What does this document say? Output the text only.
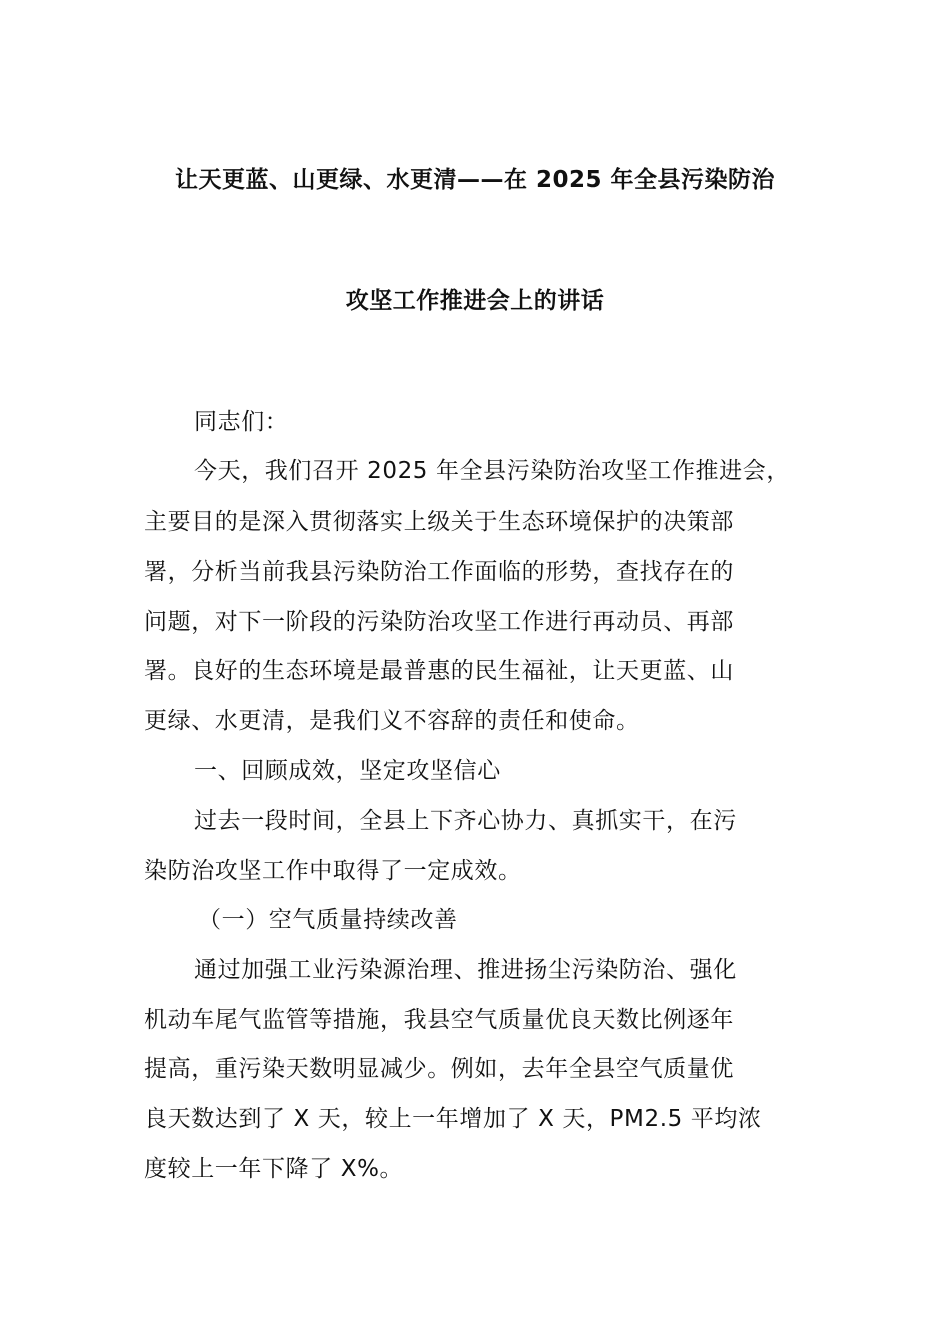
让天更蓝、山更绿、水更清——在 2025 年全县污染防治
攻坚工作推进会上的讲话
同志们：
今天，我们召开 2025 年全县污染防治攻坚工作推进会，
主要目的是深入贯彻落实上级关于生态环境保护的决策部
署，分析当前我县污染防治工作面临的形势，查找存在的
问题，对下一阶段的污染防治攻坚工作进行再动员、再部
署。良好的生态环境是最普惠的民生福祉，让天更蓝、山
更绿、水更清，是我们义不容辞的责任和使命。
一、回顾成效，坚定攻坚信心
过去一段时间，全县上下齐心协力、真抓实干，在污
染防治攻坚工作中取得了一定成效。
（一）空气质量持续改善
通过加强工业污染源治理、推进扬尘污染防治、强化
机动车尾气监管等措施，我县空气质量优良天数比例逐年
提高，重污染天数明显减少。例如，去年全县空气质量优
良天数达到了 X 天，较上一年增加了 X 天，PM2.5 平均浓
度较上一年下降了 X%。
